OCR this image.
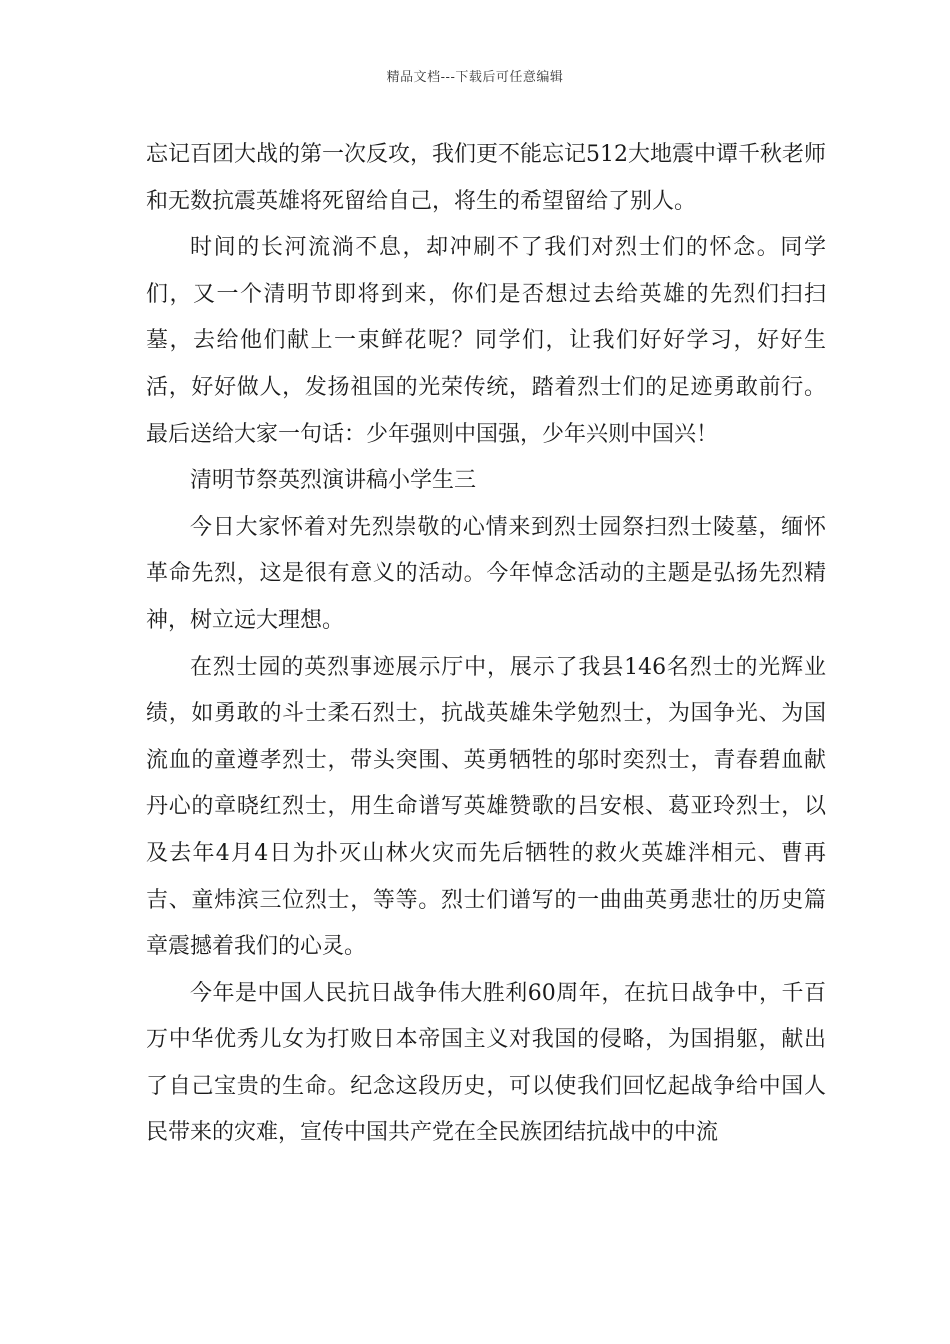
精品文档---下载后可任意编辑

忘记百团大战的第一次反攻，我们更不能忘记512大地震中谭千秋老师和无数抗震英雄将死留给自己，将生的希望留给了别人。

时间的长河流淌不息，却冲刷不了我们对烈士们的怀念。同学们，又一个清明节即将到来，你们是否想过去给英雄的先烈们扫扫墓，去给他们献上一束鲜花呢？同学们，让我们好好学习，好好生活，好好做人，发扬祖国的光荣传统，踏着烈士们的足迹勇敢前行。最后送给大家一句话：少年强则中国强，少年兴则中国兴！

清明节祭英烈演讲稿小学生三

今日大家怀着对先烈崇敬的心情来到烈士园祭扫烈士陵墓，缅怀革命先烈，这是很有意义的活动。今年悼念活动的主题是弘扬先烈精神，树立远大理想。

在烈士园的英烈事迹展示厅中，展示了我县146名烈士的光辉业绩，如勇敢的斗士柔石烈士，抗战英雄朱学勉烈士，为国争光、为国流血的童遵孝烈士，带头突围、英勇牺牲的邬时奕烈士，青春碧血献丹心的章晓红烈士，用生命谱写英雄赞歌的吕安根、葛亚玲烈士，以及去年4月4日为扑灭山林火灾而先后牺牲的救火英雄泮相元、曹再吉、童炜滨三位烈士，等等。烈士们谱写的一曲曲英勇悲壮的历史篇章震撼着我们的心灵。

今年是中国人民抗日战争伟大胜利60周年，在抗日战争中，千百万中华优秀儿女为打败日本帝国主义对我国的侵略，为国捐躯，献出了自己宝贵的生命。纪念这段历史，可以使我们回忆起战争给中国人民带来的灾难，宣传中国共产党在全民族团结抗战中的中流
